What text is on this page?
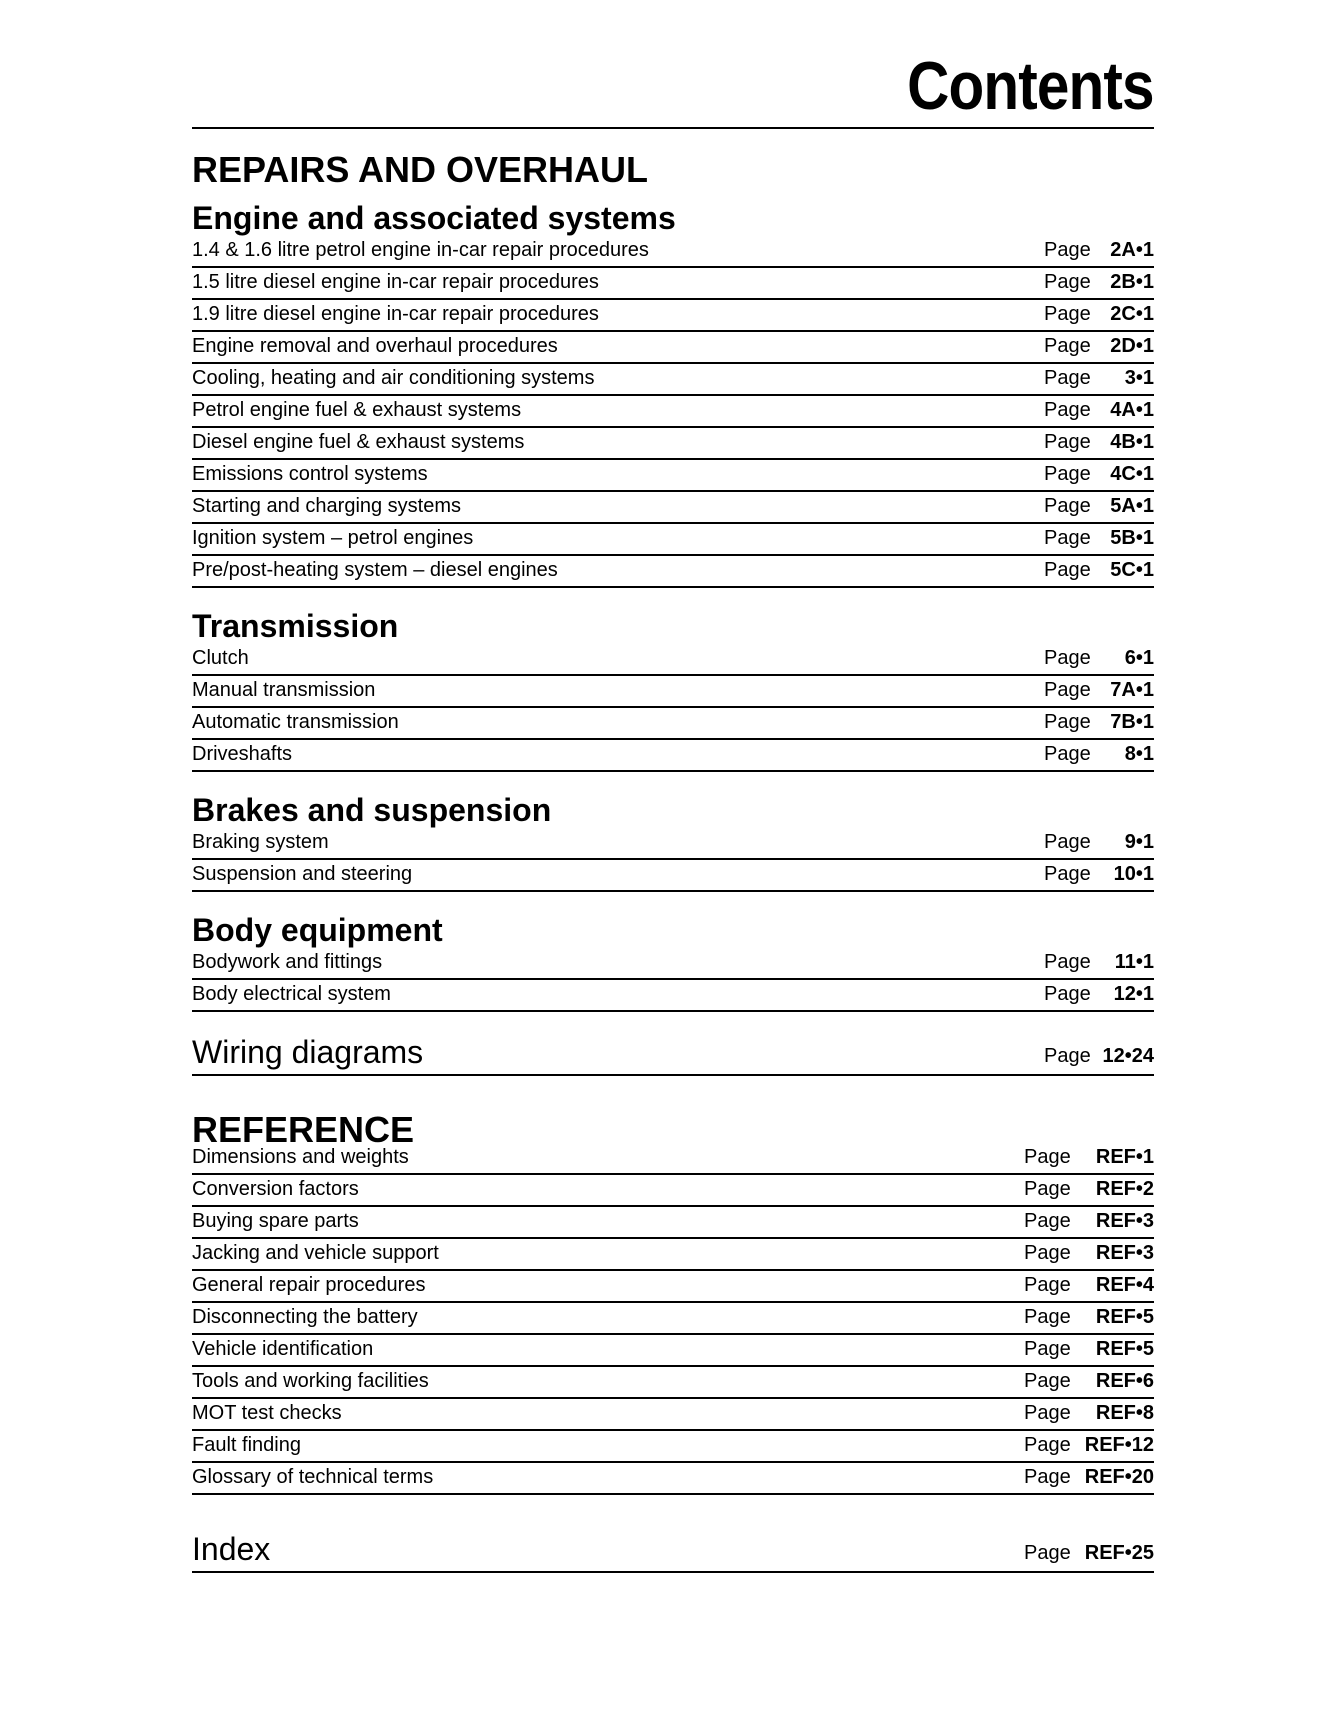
Contents
REPAIRS AND OVERHAUL
Engine and associated systems
1.4 & 1.6 litre petrol engine in-car repair procedures	Page 2A•1
1.5 litre diesel engine in-car repair procedures	Page 2B•1
1.9 litre diesel engine in-car repair procedures	Page 2C•1
Engine removal and overhaul procedures	Page 2D•1
Cooling, heating and air conditioning systems	Page 3•1
Petrol engine fuel & exhaust systems	Page 4A•1
Diesel engine fuel & exhaust systems	Page 4B•1
Emissions control systems	Page 4C•1
Starting and charging systems	Page 5A•1
Ignition system – petrol engines	Page 5B•1
Pre/post-heating system – diesel engines	Page 5C•1
Transmission
Clutch	Page 6•1
Manual transmission	Page 7A•1
Automatic transmission	Page 7B•1
Driveshafts	Page 8•1
Brakes and suspension
Braking system	Page 9•1
Suspension and steering	Page 10•1
Body equipment
Bodywork and fittings	Page 11•1
Body electrical system	Page 12•1
Wiring diagrams	Page 12•24
REFERENCE
Dimensions and weights	Page REF•1
Conversion factors	Page REF•2
Buying spare parts	Page REF•3
Jacking and vehicle support	Page REF•3
General repair procedures	Page REF•4
Disconnecting the battery	Page REF•5
Vehicle identification	Page REF•5
Tools and working facilities	Page REF•6
MOT test checks	Page REF•8
Fault finding	Page REF•12
Glossary of technical terms	Page REF•20
Index	Page REF•25
